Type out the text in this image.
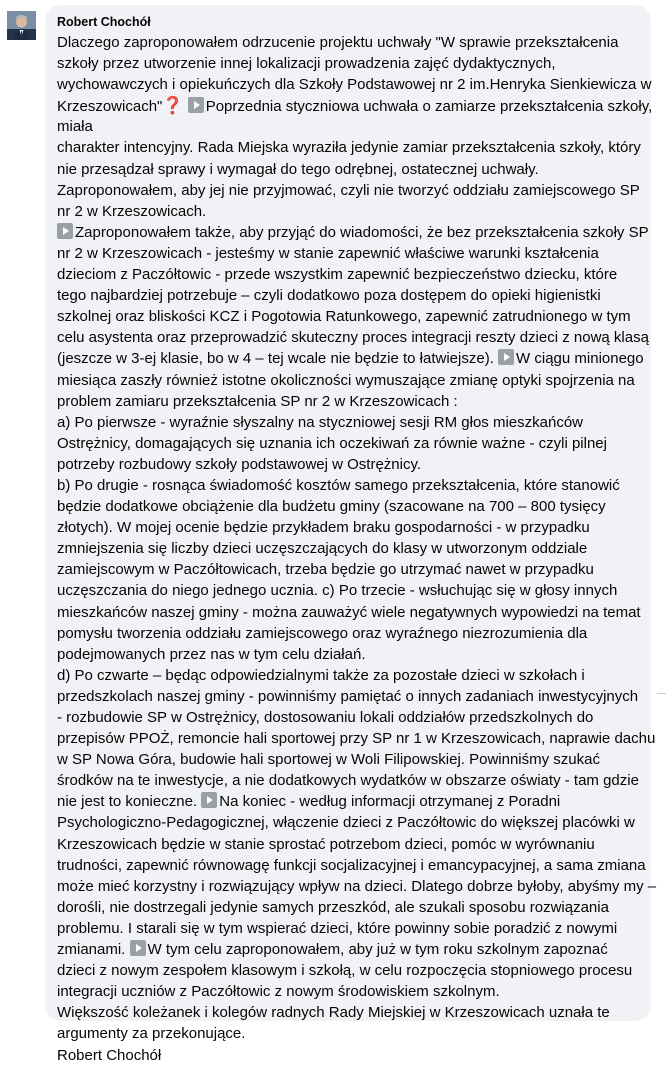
Robert Chochół
Dlaczego zaproponowałem odrzucenie projektu uchwały "W sprawie przekształcenia
szkoły przez utworzenie innej lokalizacji prowadzenia zajęć dydaktycznych,
wychowawczych i opiekuńczych dla Szkoły Podstawowej nr 2 im.Henryka Sienkiewicza w
Krzeszowicach"❓ Poprzednia styczniowa uchwała o zamiarze przekształcenia szkoły,
miała
charakter intencyjny. Rada Miejska wyraziła jedynie zamiar przekształcenia szkoły, który
nie przesądzał sprawy i wymagał do tego odrębnej, ostatecznej uchwały.
Zaproponowałem, aby jej nie przyjmować, czyli nie tworzyć oddziału zamiejscowego SP
nr 2 w Krzeszowicach.
Zaproponowałem także, aby przyjąć do wiadomości, że bez przekształcenia szkoły SP
nr 2 w Krzeszowicach - jesteśmy w stanie zapewnić właściwe warunki kształcenia
dzieciom z Paczółtowic - przede wszystkim zapewnić bezpieczeństwo dziecku, które
tego najbardziej potrzebuje – czyli dodatkowo poza dostępem do opieki higienistki
szkolnej oraz bliskości KCZ i Pogotowia Ratunkowego, zapewnić zatrudnionego w tym
celu asystenta oraz przeprowadzić skuteczny proces integracji reszty dzieci z nową klasą
(jeszcze w 3-ej klasie, bo w 4 – tej wcale nie będzie to łatwiejsze). W ciągu minionego
miesiąca zaszły również istotne okoliczności wymuszające zmianę optyki spojrzenia na
problem zamiaru przekształcenia SP nr 2 w Krzeszowicach :
a) Po pierwsze - wyraźnie słyszalny na styczniowej sesji RM głos mieszkańców
Ostrężnicy, domagających się uznania ich oczekiwań za równie ważne - czyli pilnej
potrzeby rozbudowy szkoły podstawowej w Ostrężnicy.
b) Po drugie - rosnąca świadomość kosztów samego przekształcenia, które stanowić
będzie dodatkowe obciążenie dla budżetu gminy (szacowane na 700 – 800 tysięcy
złotych). W mojej ocenie będzie przykładem braku gospodarności - w przypadku
zmniejszenia się liczby dzieci uczęszczających do klasy w utworzonym oddziale
zamiejscowym w Paczółtowicach, trzeba będzie go utrzymać nawet w przypadku
uczęszczania do niego jednego ucznia. c) Po trzecie - wsłuchując się w głosy innych
mieszkańców naszej gminy - można zauważyć wiele negatywnych wypowiedzi na temat
pomysłu tworzenia oddziału zamiejscowego oraz wyraźnego niezrozumienia dla
podejmowanych przez nas w tym celu działań.
d) Po czwarte – będąc odpowiedzialnymi także za pozostałe dzieci w szkołach i
przedszkolach naszej gminy - powinniśmy pamiętać o innych zadaniach inwestycyjnych
- rozbudowie SP w Ostrężnicy, dostosowaniu lokali oddziałów przedszkolnych do
przepisów PPOŻ, remoncie hali sportowej przy SP nr 1 w Krzeszowicach, naprawie dachu
w SP Nowa Góra, budowie hali sportowej w Woli Filipowskiej. Powinniśmy szukać
środków na te inwestycje, a nie dodatkowych wydatków w obszarze oświaty - tam gdzie
nie jest to konieczne. Na koniec - według informacji otrzymanej z Poradni
Psychologiczno-Pedagogicznej, włączenie dzieci z Paczółtowic do większej placówki w
Krzeszowicach będzie w stanie sprostać potrzebom dzieci, pomóc w wyrównaniu
trudności, zapewnić równowagę funkcji socjalizacyjnej i emancypacyjnej, a sama zmiana
może mieć korzystny i rozwiązujący wpływ na dzieci. Dlatego dobrze byłoby, abyśmy my –
dorośli, nie dostrzegali jedynie samych przeszkód, ale szukali sposobu rozwiązania
problemu. I starali się w tym wspierać dzieci, które powinny sobie poradzić z nowymi
zmianami. W tym celu zaproponowałem, aby już w tym roku szkolnym zapoznać
dzieci z nowym zespołem klasowym i szkołą, w celu rozpoczęcia stopniowego procesu
integracji uczniów z Paczółtowic z nowym środowiskiem szkolnym.
Większość koleżanek i kolegów radnych Rady Miejskiej w Krzeszowicach uznała te
argumenty za przekonujące.
Robert Chochół
